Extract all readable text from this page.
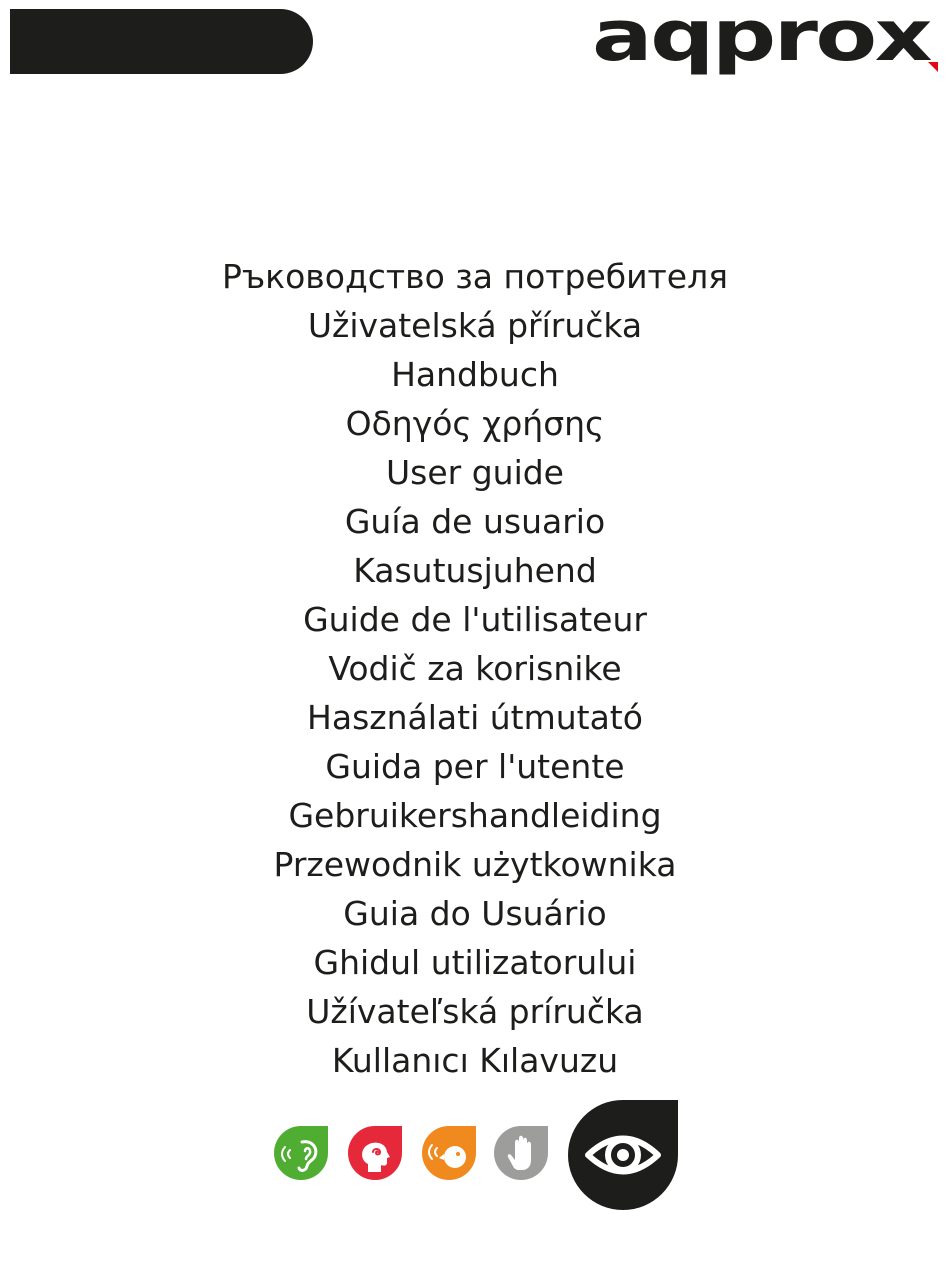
aqprox
Ръководство за потребителя
Uživatelská příručka
Handbuch
Οδηγός χρήσης
User guide
Guía de usuario
Kasutusjuhend
Guide de l'utilisateur
Vodič za korisnike
Használati útmutató
Guida per l'utente
Gebruikershandleiding
Przewodnik użytkownika
Guia do Usuário
Ghidul utilizatorului
Užívateľská príručka
Kullanıcı Kılavuzu
